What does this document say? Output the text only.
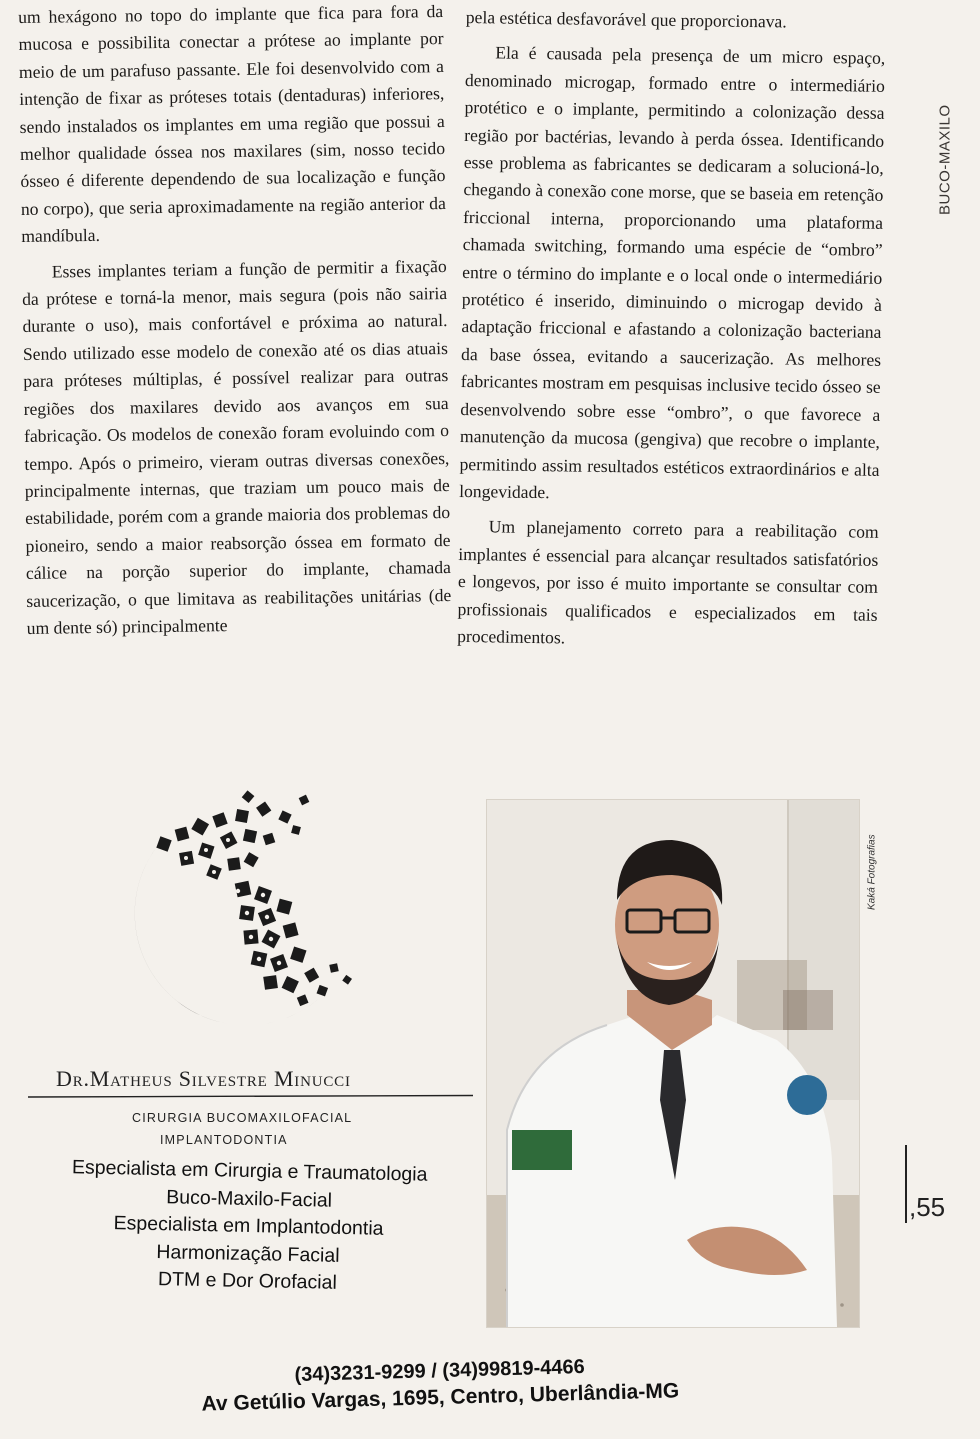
um hexágono no topo do implante que fica para fora da mucosa e possibilita conectar a prótese ao implante por meio de um parafuso passante. Ele foi desenvolvido com a intenção de fixar as próteses totais (dentaduras) inferiores, sendo instalados os implantes em uma região que possui a melhor qualidade óssea nos maxilares (sim, nosso tecido ósseo é diferente dependendo de sua localização e função no corpo), que seria aproximadamente na região anterior da mandíbula.

Esses implantes teriam a função de permitir a fixação da prótese e torná-la menor, mais segura (pois não sairia durante o uso), mais confortável e próxima ao natural. Sendo utilizado esse modelo de conexão até os dias atuais para próteses múltiplas, é possível realizar para outras regiões dos maxilares devido aos avanços em sua fabricação. Os modelos de conexão foram evoluindo com o tempo. Após o primeiro, vieram outras diversas conexões, principalmente internas, que traziam um pouco mais de estabilidade, porém com a grande maioria dos problemas do pioneiro, sendo a maior reabsorção óssea em formato de cálice na porção superior do implante, chamada saucerização, o que limitava as reabilitações unitárias (de um dente só) principalmente

pela estética desfavorável que proporcionava.

Ela é causada pela presença de um micro espaço, denominado microgap, formado entre o intermediário protético e o implante, permitindo a colonização dessa região por bactérias, levando à perda óssea. Identificando esse problema as fabricantes se dedicaram a solucioná-lo, chegando à conexão cone morse, que se baseia em retenção friccional interna, proporcionando uma plataforma chamada switching, formando uma espécie de “ombro” entre o término do implante e o local onde o intermediário protético é inserido, diminuindo o microgap devido à adaptação friccional e afastando a colonização bacteriana da base óssea, evitando a saucerização. As melhores fabricantes mostram em pesquisas inclusive tecido ósseo se desenvolvendo sobre esse “ombro”, o que favorece a manutenção da mucosa (gengiva) que recobre o implante, permitindo assim resultados estéticos extraordinários e alta longevidade.

Um planejamento correto para a reabilitação com implantes é essencial para alcançar resultados satisfatórios e longevos, por isso é muito importante se consultar com profissionais qualificados e especializados em tais procedimentos.

BUCO-MAXILO
,55
Dr.Matheus Silvestre Minucci
CIRURGIA BUCOMAXILOFACIAL
IMPLANTODONTIA
Especialista em Cirurgia e Traumatologia
Buco-Maxilo-Facial
Especialista em Implantodontia
Harmonização Facial
DTM e Dor Orofacial
(34)3231-9299 / (34)99819-4466
Av Getúlio Vargas, 1695, Centro, Uberlândia-MG
Kaká Fotografias
